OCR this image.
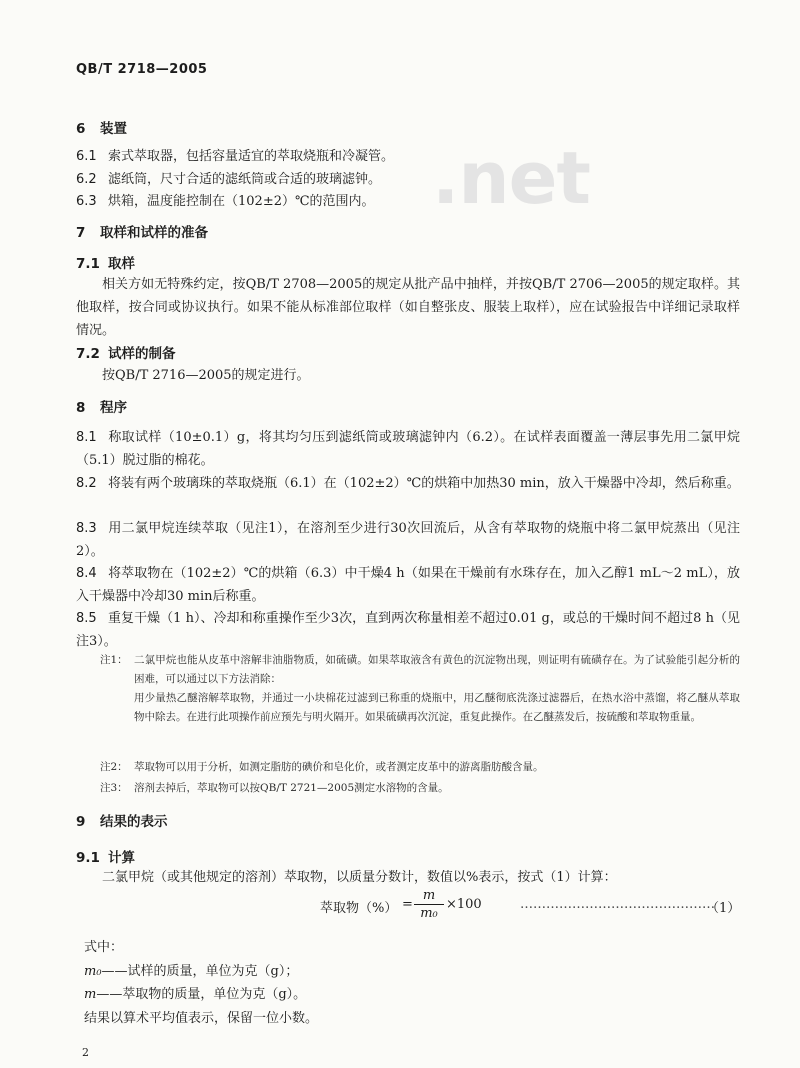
QB/T 2718—2005
.net
6 装置
6.1 索式萃取器，包括容量适宜的萃取烧瓶和冷凝管。
6.2 滤纸筒，尺寸合适的滤纸筒或合适的玻璃滤钟。
6.3 烘箱，温度能控制在（102±2）℃的范围内。
7 取样和试样的准备
7.1 取样
相关方如无特殊约定，按QB/T 2708—2005的规定从批产品中抽样，并按QB/T 2706—2005的规定取样。其他取样，按合同或协议执行。如果不能从标准部位取样（如自整张皮、服装上取样），应在试验报告中详细记录取样情况。
7.2 试样的制备
按QB/T 2716—2005的规定进行。
8 程序
8.1 称取试样（10±0.1）g，将其均匀压到滤纸筒或玻璃滤钟内（6.2）。在试样表面覆盖一薄层事先用二氯甲烷（5.1）脱过脂的棉花。
8.2 将装有两个玻璃珠的萃取烧瓶（6.1）在（102±2）℃的烘箱中加热30 min，放入干燥器中冷却，然后称重。
8.3 用二氯甲烷连续萃取（见注1），在溶剂至少进行30次回流后，从含有萃取物的烧瓶中将二氯甲烷蒸出（见注2）。
8.4 将萃取物在（102±2）℃的烘箱（6.3）中干燥4 h（如果在干燥前有水珠存在，加入乙醇1 mL～2 mL），放入干燥器中冷却30 min后称重。
8.5 重复干燥（1 h）、冷却和称重操作至少3次，直到两次称量相差不超过0.01 g，或总的干燥时间不超过8 h（见注3）。
注1： 二氯甲烷也能从皮革中溶解非油脂物质，如硫磺。如果萃取液含有黄色的沉淀物出现，则证明有硫磺存在。为了试验能引起分析的困难，可以通过以下方法消除：
用少量热乙醚溶解萃取物，并通过一小块棉花过滤到已称重的烧瓶中，用乙醚彻底洗涤过滤器后，在热水浴中蒸馏，将乙醚从萃取物中除去。在进行此项操作前应预先与明火隔开。如果硫磺再次沉淀，重复此操作。在乙醚蒸发后，按硫酸和萃取物重量。
注2： 萃取物可以用于分析，如测定脂肪的碘价和皂化价，或者测定皮革中的游离脂肪酸含量。
注3： 溶剂去掉后，萃取物可以按QB/T 2721—2005测定水溶物的含量。
9 结果的表示
9.1 计算
二氯甲烷（或其他规定的溶剂）萃取物，以质量分数计，数值以%表示，按式（1）计算：
萃取物（%） =
m
m₀
×100	………………………………………
（1）
式中：
m₀——试样的质量，单位为克（g）；
m——萃取物的质量，单位为克（g）。
结果以算术平均值表示，保留一位小数。
2
